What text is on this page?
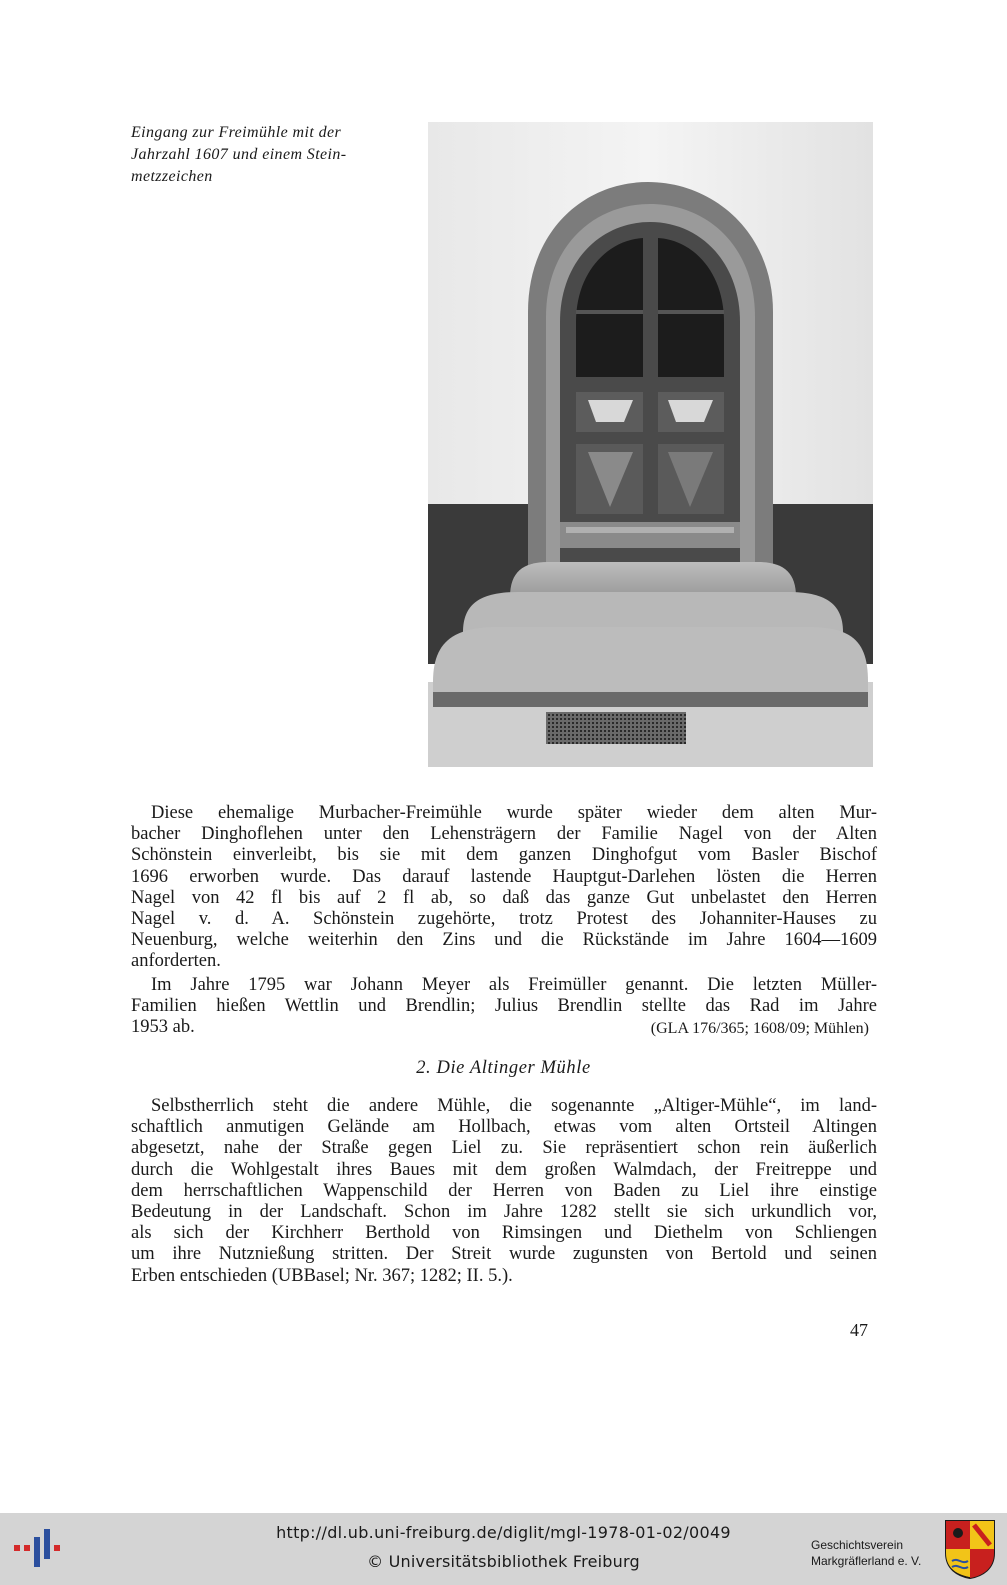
Eingang zur Freimühle mit der
Jahrzahl 1607 und einem Stein-
metzzeichen
Diese ehemalige Murbacher-Freimühle wurde später wieder dem alten Mur-
bacher Dinghoflehen unter den Lehensträgern der Familie Nagel von der Alten
Schönstein einverleibt, bis sie mit dem ganzen Dinghofgut vom Basler Bischof
1696 erworben wurde. Das darauf lastende Hauptgut-Darlehen lösten die Herren
Nagel von 42 fl bis auf 2 fl ab, so daß das ganze Gut unbelastet den Herren
Nagel v. d. A. Schönstein zugehörte, trotz Protest des Johanniter-Hauses zu
Neuenburg, welche weiterhin den Zins und die Rückstände im Jahre 1604—1609
anforderten.
Im Jahre 1795 war Johann Meyer als Freimüller genannt. Die letzten Müller-
Familien hießen Wettlin und Brendlin; Julius Brendlin stellte das Rad im Jahre
1953 ab.	(GLA 176/365; 1608/09; Mühlen)
2. Die Altinger Mühle
Selbstherrlich steht die andere Mühle, die sogenannte „Altiger-Mühle“, im land-
schaftlich anmutigen Gelände am Hollbach, etwas vom alten Ortsteil Altingen
abgesetzt, nahe der Straße gegen Liel zu. Sie repräsentiert schon rein äußerlich
durch die Wohlgestalt ihres Baues mit dem großen Walmdach, der Freitreppe und
dem herrschaftlichen Wappenschild der Herren von Baden zu Liel ihre einstige
Bedeutung in der Landschaft. Schon im Jahre 1282 stellt sie sich urkundlich vor,
als sich der Kirchherr Berthold von Rimsingen und Diethelm von Schliengen
um ihre Nutznießung stritten. Der Streit wurde zugunsten von Bertold und seinen
Erben entschieden (UBBasel; Nr. 367; 1282; II. 5.).
47
http://dl.ub.uni-freiburg.de/diglit/mgl-1978-01-02/0049
© Universitätsbibliothek Freiburg
Geschichtsverein
Markgräflerland e. V.
